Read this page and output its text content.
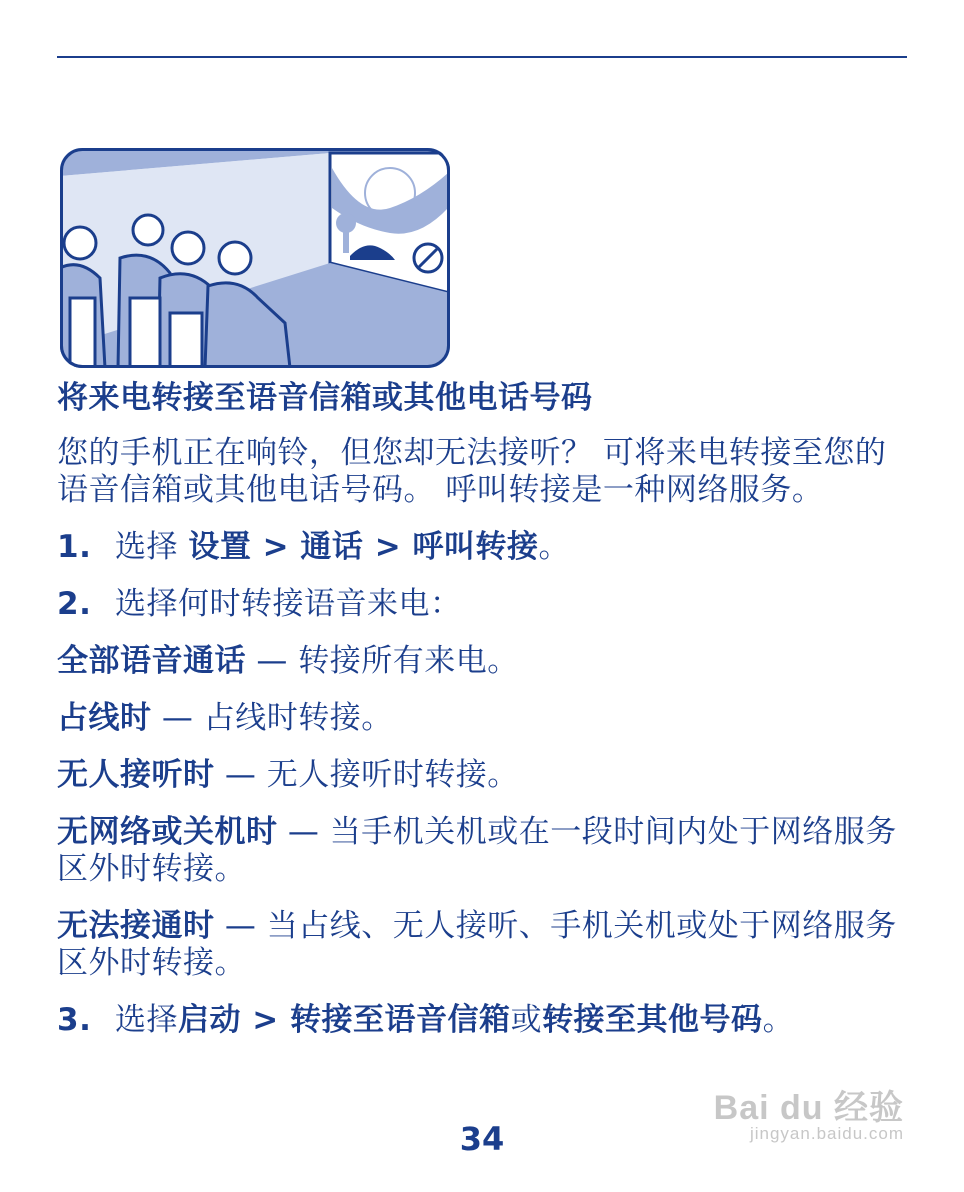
将来电转接至语音信箱或其他电话号码

您的手机正在响铃，但您却无法接听？ 可将来电转接至您的语音信箱或其他电话号码。 呼叫转接是一种网络服务。

1. 选择 设置 > 通话 > 呼叫转接。

2. 选择何时转接语音来电：

全部语音通话 — 转接所有来电。

占线时 — 占线时转接。

无人接听时 — 无人接听时转接。

无网络或关机时 — 当手机关机或在一段时间内处于网络服务区外时转接。

无法接通时 — 当占线、无人接听、手机关机或处于网络服务区外时转接。

3. 选择启动 > 转接至语音信箱或转接至其他号码。

34
Bai du 经验
jingyan.baidu.com
